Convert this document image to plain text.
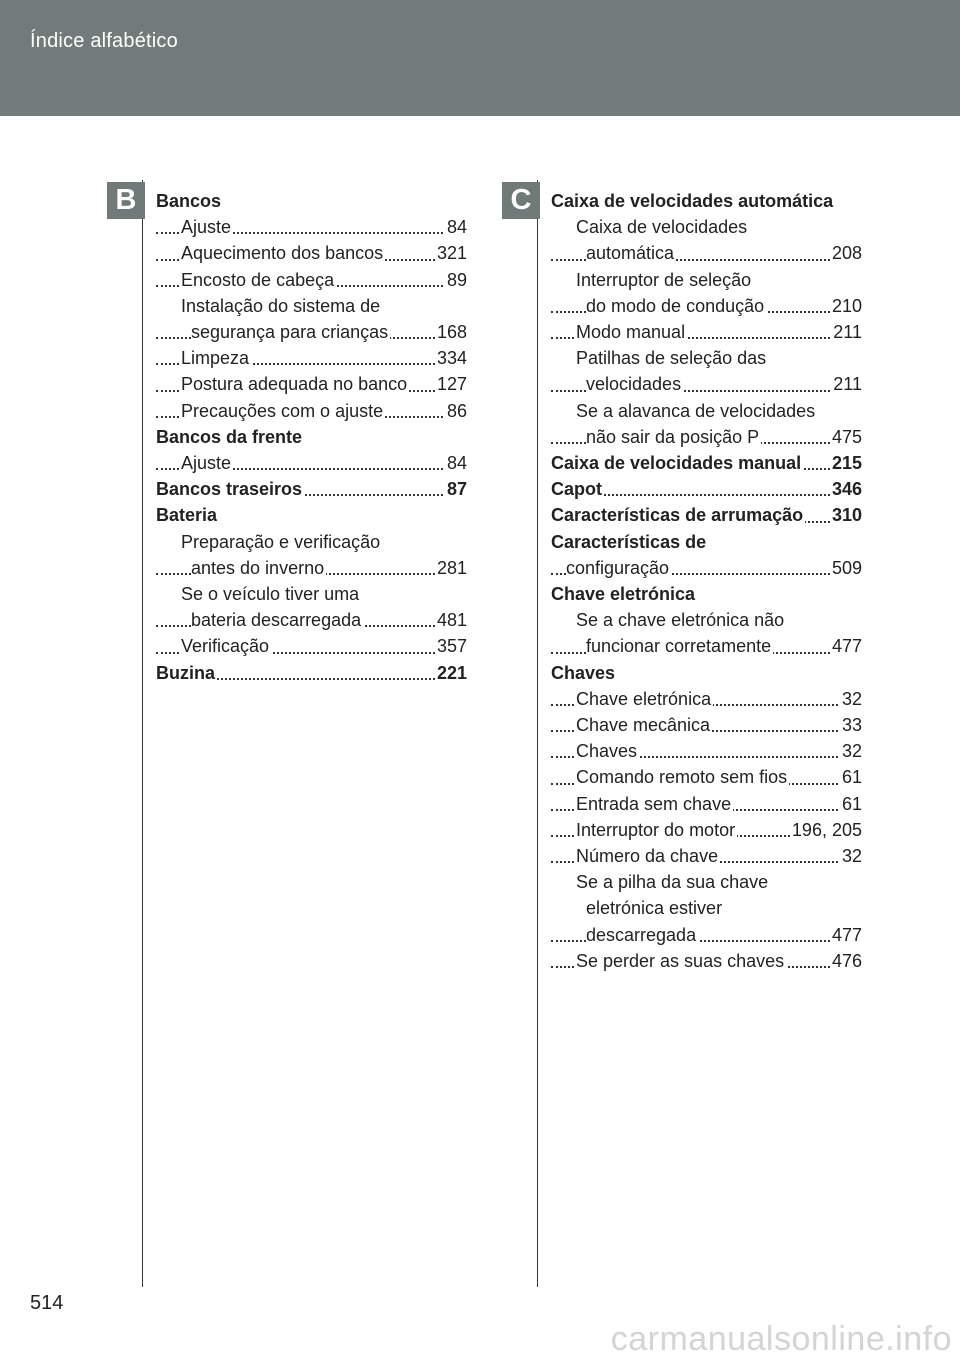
Índice alfabético
B	C
Bancos
Ajuste	84
Aquecimento dos bancos	321
Encosto de cabeça	89
Instalação do sistema de
segurança para crianças	168
Limpeza	334
Postura adequada no banco 127
Precauções com o ajuste	86
Bancos da frente
Ajuste	84
Bancos traseiros	87
Bateria
Preparação e verificação
antes do inverno	281
Se o veículo tiver uma
bateria descarregada	481
Verificação	357
Buzina	221
Caixa de velocidades automática
Caixa de velocidades
automática	208
Interruptor de seleção
do modo de condução	210
Modo manual	211
Patilhas de seleção das
velocidades	211
Se a alavanca de velocidades
não sair da posição P	475
Caixa de velocidades manual 215
Capot	346
Características de arrumação 310
Características de
configuração	509
Chave eletrónica
Se a chave eletrónica não
funcionar corretamente	477
Chaves
Chave eletrónica	32
Chave mecânica	33
Chaves	32
Comando remoto sem fios	61
Entrada sem chave	61
Interruptor do motor	196, 205
Número da chave	32
Se a pilha da sua chave
eletrónica estiver
descarregada	477
Se perder as suas chaves	476
514
carmanualsonline.info
